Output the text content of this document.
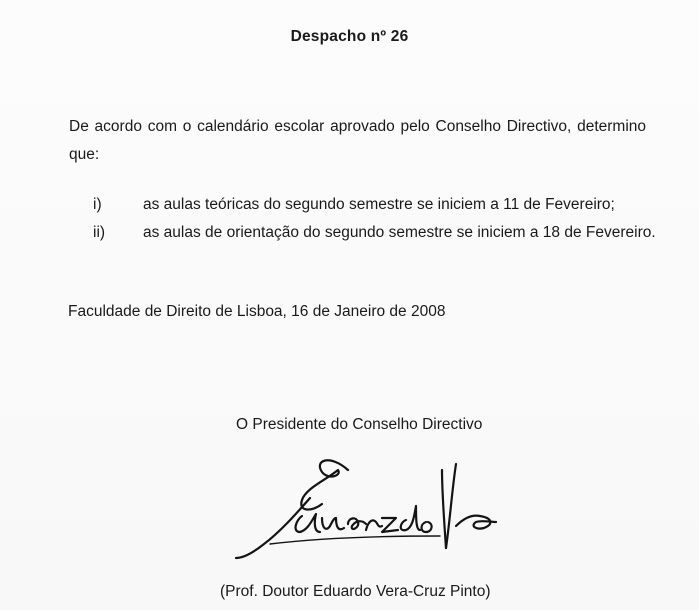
Despacho nº 26
De acordo com o calendário escolar aprovado pelo Conselho Directivo, determino que:
i)	as aulas teóricas do segundo semestre se iniciem a 11 de Fevereiro;
ii) as aulas de orientação do segundo semestre se iniciem a 18 de Fevereiro.
Faculdade de Direito de Lisboa, 16 de Janeiro de 2008
O Presidente do Conselho Directivo
(Prof. Doutor Eduardo Vera-Cruz Pinto)
